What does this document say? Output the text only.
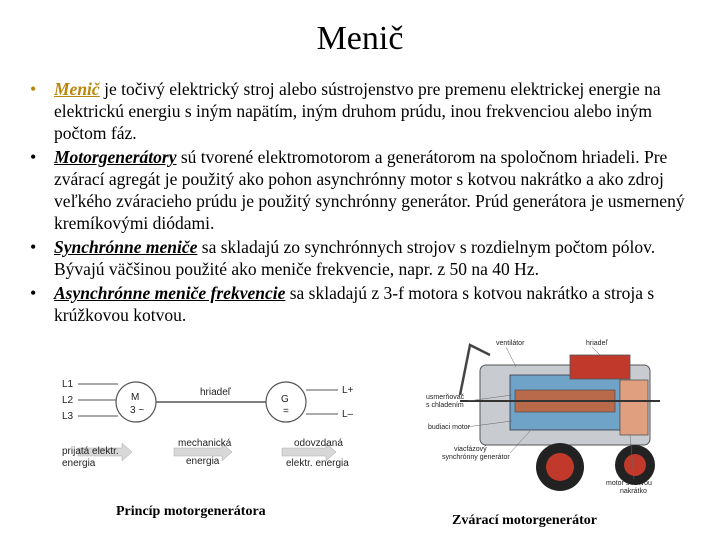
Menič
• Menič je točivý elektrický stroj alebo sústrojenstvo pre premenu elektrickej energie na elektrickú energiu s iným napätím, iným druhom prúdu, inou frekvenciou alebo iným počtom fáz.
• Motorgenerátory sú tvorené elektromotorom a generátorom na spoločnom hriadeli. Pre zvárací agregát je použitý ako pohon asynchrónny motor s kotvou nakrátko a ako zdroj veľkého zváracieho prúdu je použitý synchrónny generátor. Prúd generátora je usmernený kremíkovými diódami.
• Synchrónne meniče sa skladajú zo synchrónnych strojov s rozdielnym počtom pólov. Bývajú väčšinou použité ako meniče frekvencie, napr. z 50 na 40 Hz.
• Asynchrónne meniče frekvencie sa skladajú z 3-f motora s kotvou nakrátko a stroja s krúžkovou kotvou.
L1
L2
L3
M
3 ~
hriadeľ
G
=
L+
L–
prijatá elektr.
energia
mechanická
energia
odovzdaná
elektr. energia
ventilátor	hriadeľ
usmerňovač
s chladením
budiaci motor
viacfázový
synchrónny generátor
motor s kotvou
nakrátko
Princíp motorgenerátora
Zvárací motorgenerátor
